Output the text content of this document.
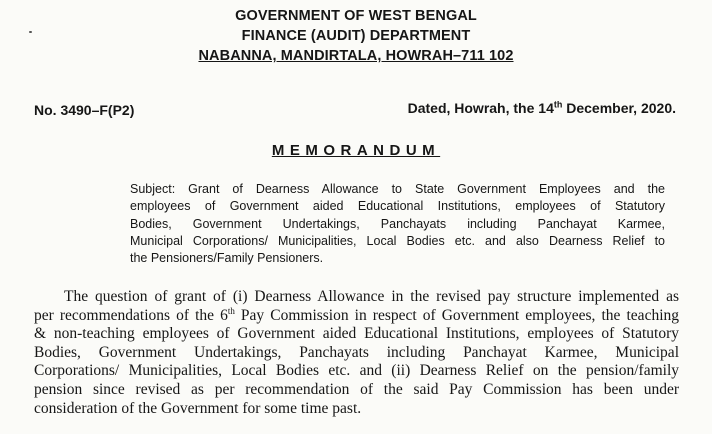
GOVERNMENT OF WEST BENGAL
FINANCE (AUDIT) DEPARTMENT
NABANNA, MANDIRTALA, HOWRAH–711 102
No. 3490–F(P2)	Dated, Howrah, the 14th December, 2020.
MEMORANDUM
Subject: Grant of Dearness Allowance to State Government Employees and the
employees of Government aided Educational Institutions, employees of Statutory
Bodies, Government Undertakings, Panchayats including Panchayat Karmee,
Municipal Corporations/ Municipalities, Local Bodies etc. and also Dearness Relief to
the Pensioners/Family Pensioners.
The question of grant of (i) Dearness Allowance in the revised pay structure implemented as
per recommendations of the 6th Pay Commission in respect of Government employees, the teaching
& non-teaching employees of Government aided Educational Institutions, employees of Statutory
Bodies, Government Undertakings, Panchayats including Panchayat Karmee, Municipal
Corporations/ Municipalities, Local Bodies etc. and (ii) Dearness Relief on the pension/family
pension since revised as per recommendation of the said Pay Commission has been under
consideration of the Government for some time past.
